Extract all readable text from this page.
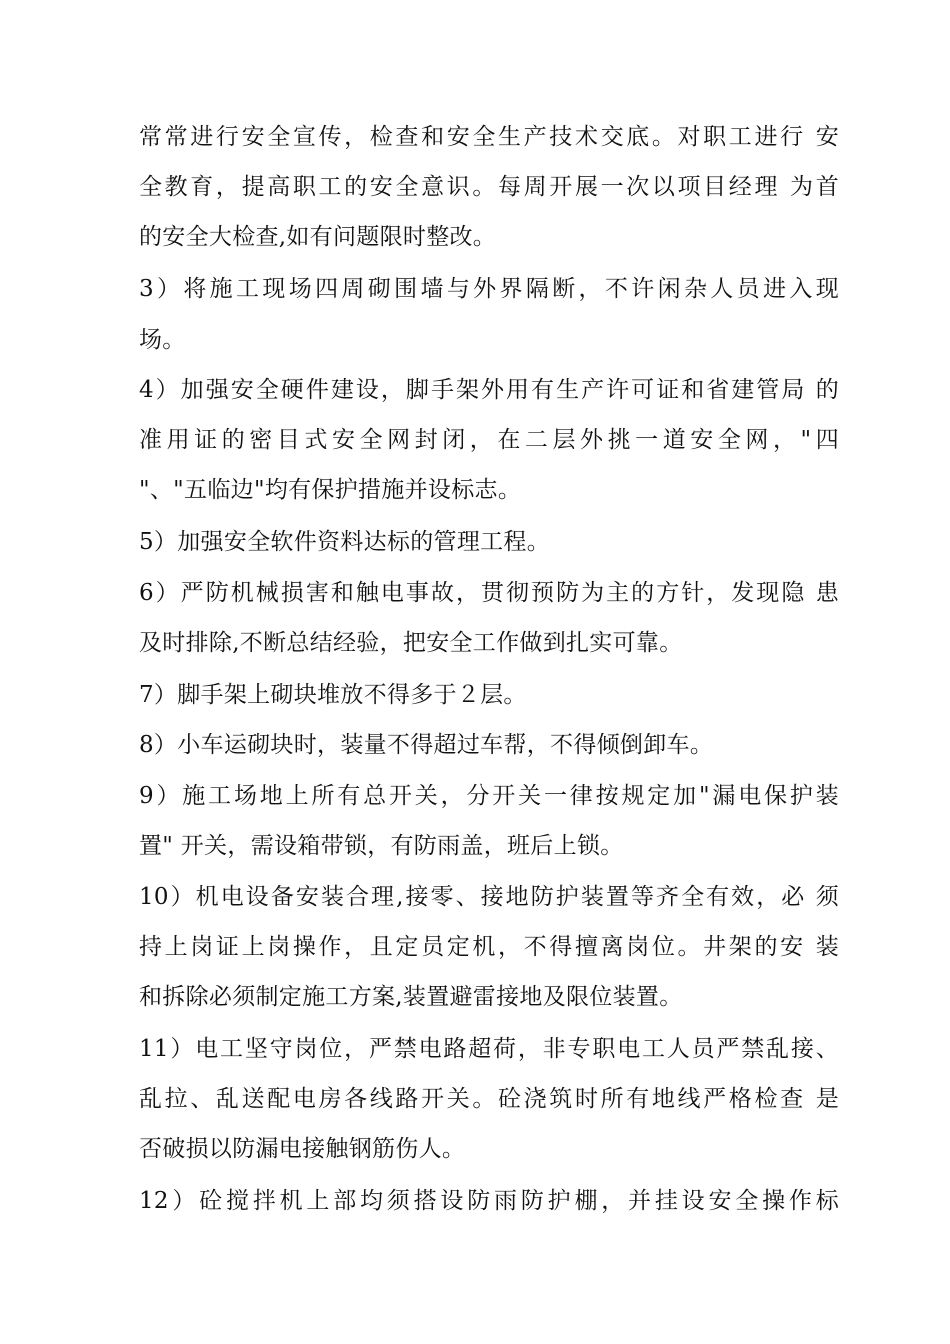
常常进行安全宣传，检查和安全生产技术交底。对职工进行 安

全教育，提高职工的安全意识。每周开展一次以项目经理 为首

的安全大检查,如有问题限时整改。

3）将施工现场四周砌围墙与外界隔断，不许闲杂人员进入现

场。

4）加强安全硬件建设，脚手架外用有生产许可证和省建管局 的

准用证的密目式安全网封闭，在二层外挑一道安全网，"四

"、"五临边"均有保护措施并设标志。

5）加强安全软件资料达标的管理工程。

6）严防机械损害和触电事故，贯彻预防为主的方针，发现隐 患

及时排除,不断总结经验，把安全工作做到扎实可靠。

7）脚手架上砌块堆放不得多于２层。

8）小车运砌块时，装量不得超过车帮，不得倾倒卸车。

9）施工场地上所有总开关，分开关一律按规定加"漏电保护装

置" 开关，需设箱带锁，有防雨盖，班后上锁。

10）机电设备安装合理,接零、接地防护装置等齐全有效，必 须

持上岗证上岗操作，且定员定机，不得擅离岗位。井架的安 装

和拆除必须制定施工方案,装置避雷接地及限位装置。

11）电工坚守岗位，严禁电路超荷，非专职电工人员严禁乱接、

乱拉、乱送配电房各线路开关。砼浇筑时所有地线严格检查 是

否破损以防漏电接触钢筋伤人。

12）砼搅拌机上部均须搭设防雨防护棚，并挂设安全操作标
